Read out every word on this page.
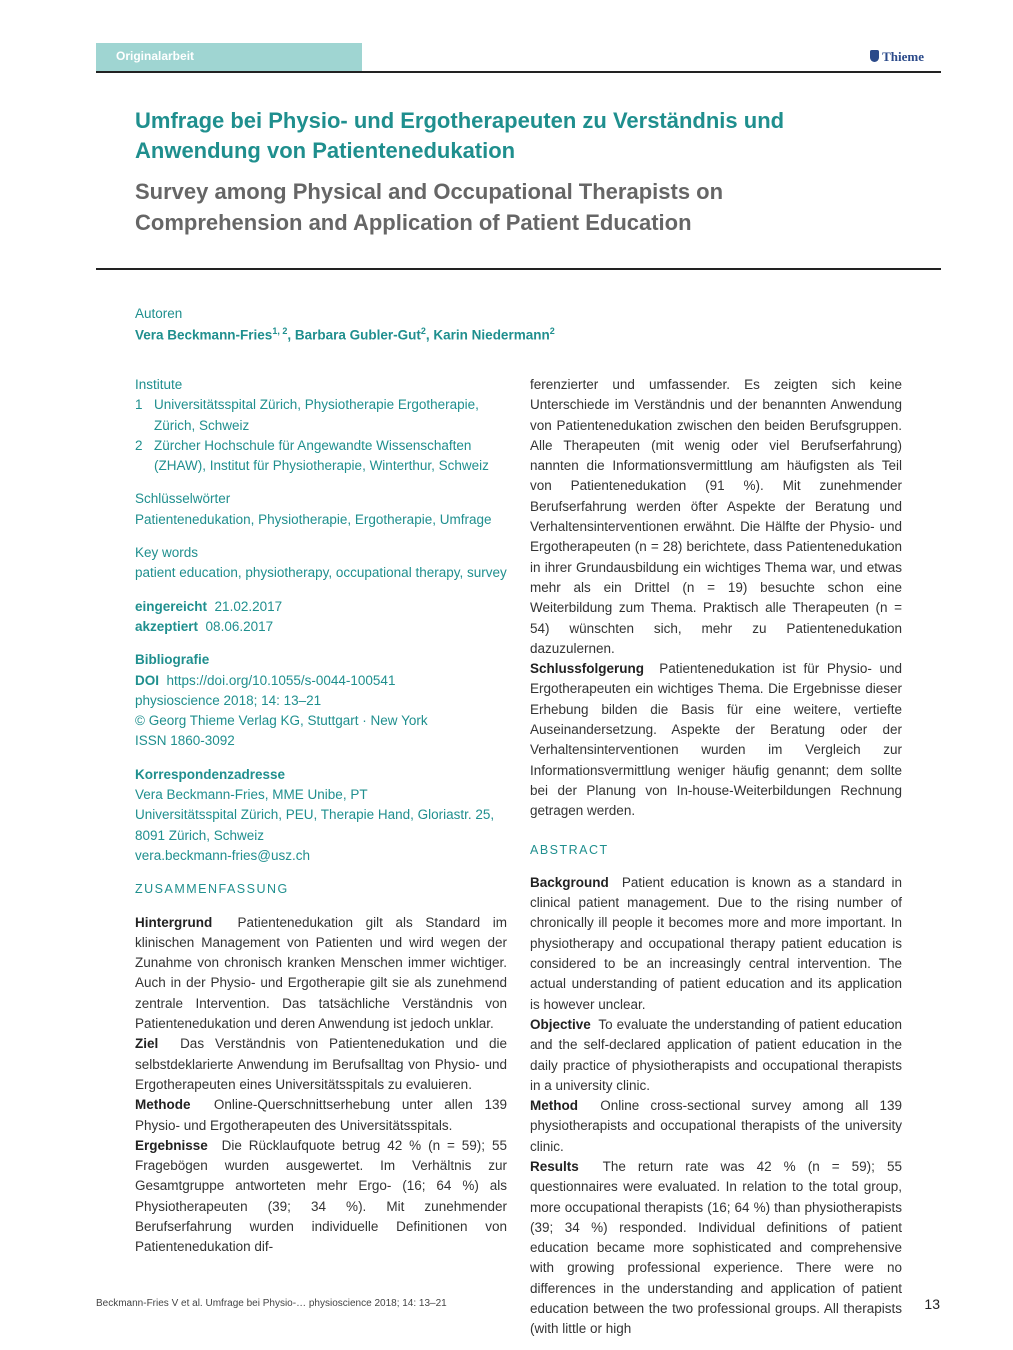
Originalarbeit	Thieme
Umfrage bei Physio- und Ergotherapeuten zu Verständnis und Anwendung von Patientenedukation
Survey among Physical and Occupational Therapists on Comprehension and Application of Patient Education
Autoren
Vera Beckmann-Fries$^{1, 2}$, Barbara Gubler-Gut$^2$, Karin Niedermann$^2$
Institute
1 Universitätsspital Zürich, Physiotherapie Ergotherapie, Zürich, Schweiz
2 Zürcher Hochschule für Angewandte Wissenschaften (ZHAW), Institut für Physiotherapie, Winterthur, Schweiz
Schlüsselwörter
Patientenedukation, Physiotherapie, Ergotherapie, Umfrage
Key words
patient education, physiotherapy, occupational therapy, survey
eingereicht 21.02.2017
akzeptiert 08.06.2017
Bibliografie
DOI https://doi.org/10.1055/s-0044-100541
physioscience 2018; 14: 13–21
© Georg Thieme Verlag KG, Stuttgart · New York
ISSN 1860-3092
Korrespondenzadresse
Vera Beckmann-Fries, MME Unibe, PT
Universitätsspital Zürich, PEU, Therapie Hand, Gloriastr. 25, 8091 Zürich, Schweiz
vera.beckmann-fries@usz.ch
ZUSAMMENFASSUNG
Hintergrund Patientenedukation gilt als Standard im klinischen Management von Patienten und wird wegen der Zunahme von chronisch kranken Menschen immer wichtiger. Auch in der Physio- und Ergotherapie gilt sie als zunehmend zentrale Intervention. Das tatsächliche Verständnis von Patientenedukation und deren Anwendung ist jedoch unklar.
Ziel Das Verständnis von Patientenedukation und die selbstdeklarierte Anwendung im Berufsalltag von Physio- und Ergotherapeuten eines Universitätsspitals zu evaluieren.
Methode Online-Querschnittserhebung unter allen 139 Physio- und Ergotherapeuten des Universitätsspitals.
Ergebnisse Die Rücklaufquote betrug 42 % (n = 59); 55 Fragebögen wurden ausgewertet. Im Verhältnis zur Gesamtgruppe antworteten mehr Ergo- (16; 64 %) als Physiotherapeuten (39; 34 %). Mit zunehmender Berufserfahrung wurden individuelle Definitionen von Patientenedukation dif-
ferenzierter und umfassender. Es zeigten sich keine Unterschiede im Verständnis und der benannten Anwendung von Patientenedukation zwischen den beiden Berufsgruppen. Alle Therapeuten (mit wenig oder viel Berufserfahrung) nannten die Informationsvermittlung am häufigsten als Teil von Patientenedukation (91 %). Mit zunehmender Berufserfahrung werden öfter Aspekte der Beratung und Verhaltensinterventionen erwähnt. Die Hälfte der Physio- und Ergotherapeuten (n = 28) berichtete, dass Patientenedukation in ihrer Grundausbildung ein wichtiges Thema war, und etwas mehr als ein Drittel (n = 19) besuchte schon eine Weiterbildung zum Thema. Praktisch alle Therapeuten (n = 54) wünschten sich, mehr zu Patientenedukation dazuzulernen.
Schlussfolgerung Patientenedukation ist für Physio- und Ergotherapeuten ein wichtiges Thema. Die Ergebnisse dieser Erhebung bilden die Basis für eine weitere, vertiefte Auseinandersetzung. Aspekte der Beratung oder der Verhaltensinterventionen wurden im Vergleich zur Informationsvermittlung weniger häufig genannt; dem sollte bei der Planung von In-house-Weiterbildungen Rechnung getragen werden.
ABSTRACT
Background Patient education is known as a standard in clinical patient management. Due to the rising number of chronically ill people it becomes more and more important. In physiotherapy and occupational therapy patient education is considered to be an increasingly central intervention. The actual understanding of patient education and its application is however unclear.
Objective To evaluate the understanding of patient education and the self-declared application of patient education in the daily practice of physiotherapists and occupational therapists in a university clinic.
Method Online cross-sectional survey among all 139 physiotherapists and occupational therapists of the university clinic.
Results The return rate was 42 % (n = 59); 55 questionnaires were evaluated. In relation to the total group, more occupational therapists (16; 64 %) than physiotherapists (39; 34 %) responded. Individual definitions of patient education became more sophisticated and comprehensive with growing professional experience. There were no differences in the understanding and application of patient education between the two professional groups. All therapists (with little or high
Beckmann-Fries V et al. Umfrage bei Physio-… physioscience 2018; 14: 13–21	13
